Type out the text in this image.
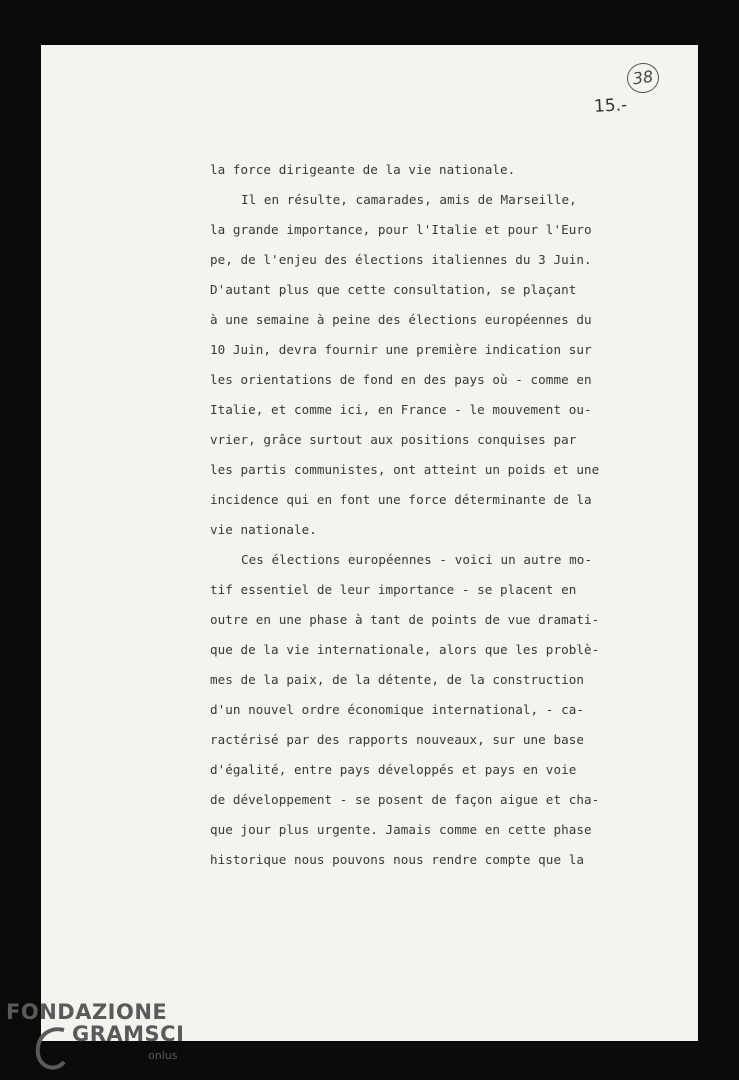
38
15.-
la force dirigeante de la vie nationale.
Il en résulte, camarades, amis de Marseille,
la grande importance, pour l'Italie et pour l'Euro
pe, de l'enjeu des élections italiennes du 3 Juin.
D'autant plus que cette consultation, se plaçant
à une semaine à peine des élections européennes du
10 Juin, devra fournir une première indication sur
les orientations de fond en des pays où - comme en
Italie, et comme ici, en France - le mouvement ou-
vrier, grâce surtout aux positions conquises par
les partis communistes, ont atteint un poids et une
incidence qui en font une force déterminante de la
vie nationale.
Ces élections européennes - voici un autre mo-
tif essentiel de leur importance - se placent en
outre en une phase à tant de points de vue dramati-
que de la vie internationale, alors que les problè-
mes de la paix, de la détente, de la construction
d'un nouvel ordre économique international, - ca-
ractérisé par des rapports nouveaux, sur une base
d'égalité, entre pays développés et pays en voie
de développement - se posent de façon aigue et cha-
que jour plus urgente. Jamais comme en cette phase
historique nous pouvons nous rendre compte que la
FONDAZIONE
GRAMSCI
onlus
